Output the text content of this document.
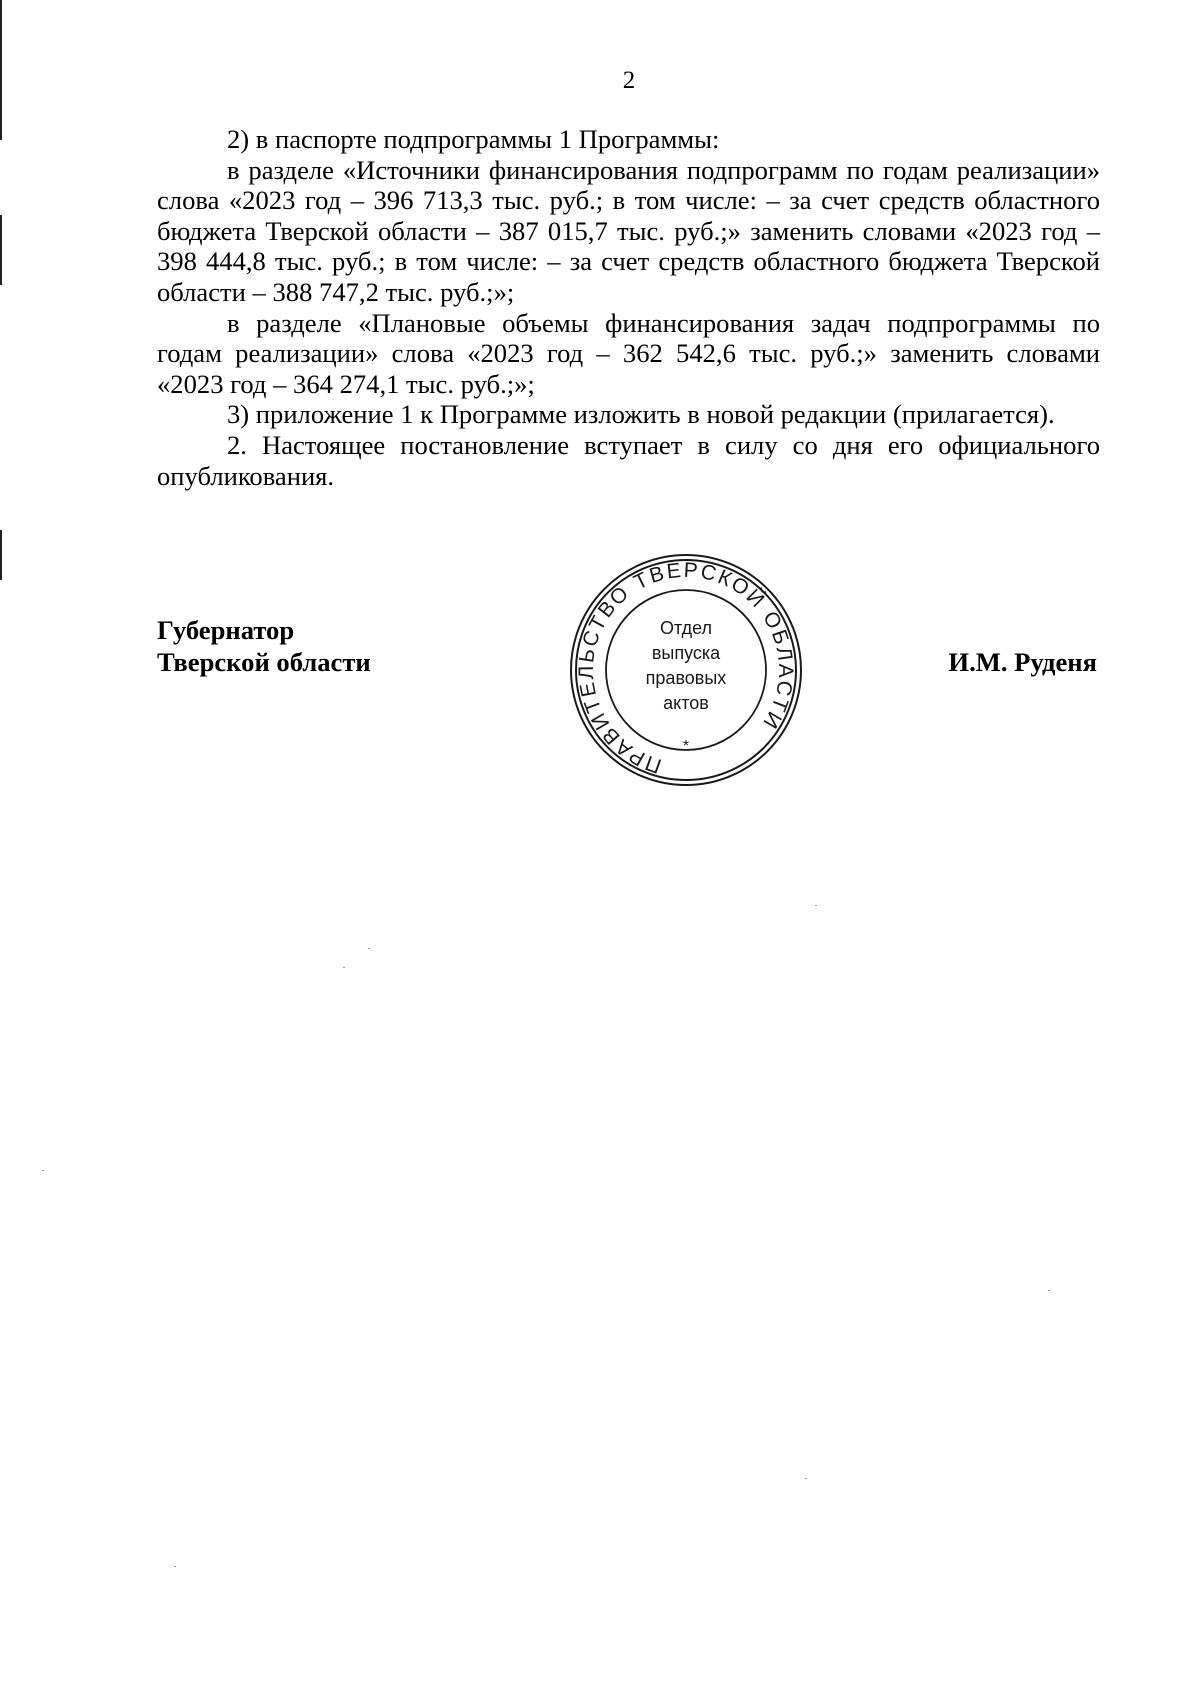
2

2) в паспорте подпрограммы 1 Программы:

в разделе «Источники финансирования подпрограмм по годам реализации» слова «2023 год – 396 713,3 тыс. руб.; в том числе: – за счет средств областного бюджета Тверской области – 387 015,7 тыс. руб.;» заменить словами «2023 год – 398 444,8 тыс. руб.; в том числе: – за счет средств областного бюджета Тверской области – 388 747,2 тыс. руб.;»;

в разделе «Плановые объемы финансирования задач подпрограммы по годам реализации» слова «2023 год – 362 542,6 тыс. руб.;» заменить словами «2023 год – 364 274,1 тыс. руб.;»;

3) приложение 1 к Программе изложить в новой редакции (прилагается).

2. Настоящее постановление вступает в силу со дня его официального опубликования.

Губернатор
Тверской области	И.М. Руденя
ПРАВИТЕЛЬСТВО ТВЕРСКОЙ ОБЛАСТИ
*
Отдел
выпуска
правовых
актов
